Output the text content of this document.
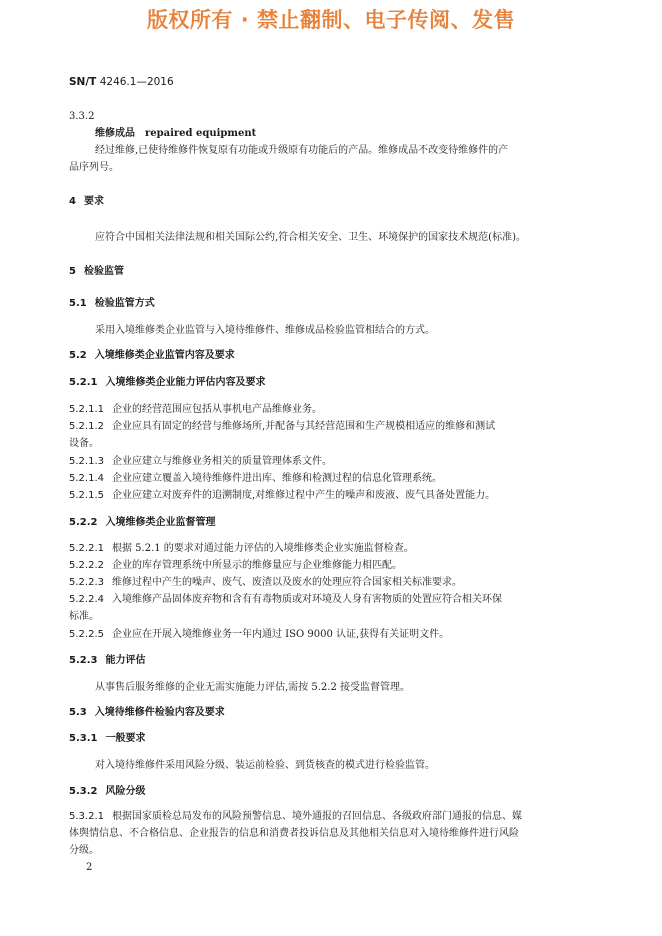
版权所有 · 禁止翻制、电子传阅、发售
SN/T 4246.1—2016
3.3.2
维修成品 repaired equipment
经过维修,已使待维修件恢复原有功能或升级原有功能后的产品。维修成品不改变待维修件的产
品序列号。
4 要求
应符合中国相关法律法规和相关国际公约,符合相关安全、卫生、环境保护的国家技术规范(标准)。
5 检验监管
5.1 检验监管方式
采用入境维修类企业监管与入境待维修件、维修成品检验监管相结合的方式。
5.2 入境维修类企业监管内容及要求
5.2.1 入境维修类企业能力评估内容及要求
5.2.1.1 企业的经营范围应包括从事机电产品维修业务。
5.2.1.2 企业应具有固定的经营与维修场所,并配备与其经营范围和生产规模相适应的维修和测试
设备。
5.2.1.3 企业应建立与维修业务相关的质量管理体系文件。
5.2.1.4 企业应建立覆盖入境待维修件进出库、维修和检测过程的信息化管理系统。
5.2.1.5 企业应建立对废弃件的追溯制度,对维修过程中产生的噪声和废液、废气具备处置能力。
5.2.2 入境维修类企业监督管理
5.2.2.1 根据 5.2.1 的要求对通过能力评估的入境维修类企业实施监督检查。
5.2.2.2 企业的库存管理系统中所显示的维修量应与企业维修能力相匹配。
5.2.2.3 维修过程中产生的噪声、废气、废渣以及废水的处理应符合国家相关标准要求。
5.2.2.4 入境维修产品固体废弃物和含有有毒物质或对环境及人身有害物质的处置应符合相关环保
标准。
5.2.2.5 企业应在开展入境维修业务一年内通过 ISO 9000 认证,获得有关证明文件。
5.2.3 能力评估
从事售后服务维修的企业无需实施能力评估,需按 5.2.2 接受监督管理。
5.3 入境待维修件检验内容及要求
5.3.1 一般要求
对入境待维修件采用风险分级、装运前检验、到货核查的模式进行检验监管。
5.3.2 风险分级
5.3.2.1 根据国家质检总局发布的风险预警信息、境外通报的召回信息、各级政府部门通报的信息、媒
体舆情信息、不合格信息、企业报告的信息和消费者投诉信息及其他相关信息对入境待维修件进行风险
分级。
2
